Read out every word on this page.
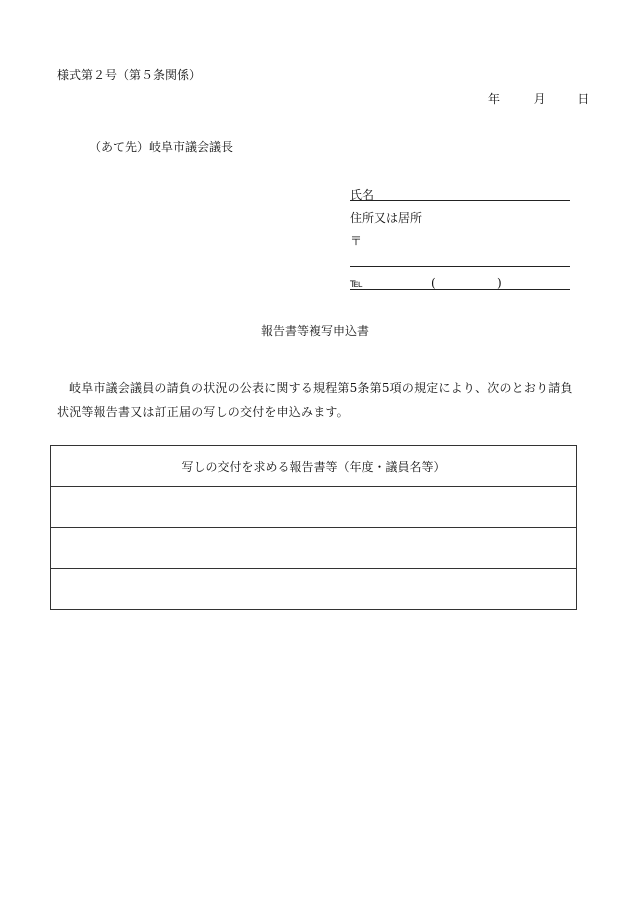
様式第２号（第５条関係）
年	月	日
（あて先）岐阜市議会議長
氏名
住所又は居所
〒
℡	(	)
報告書等複写申込書
岐阜市議会議員の請負の状況の公表に関する規程第5条第5項の規定により、次のとおり請負状況等報告書又は訂正届の写しの交付を申込みます。
写しの交付を求める報告書等（年度・議員名等）
